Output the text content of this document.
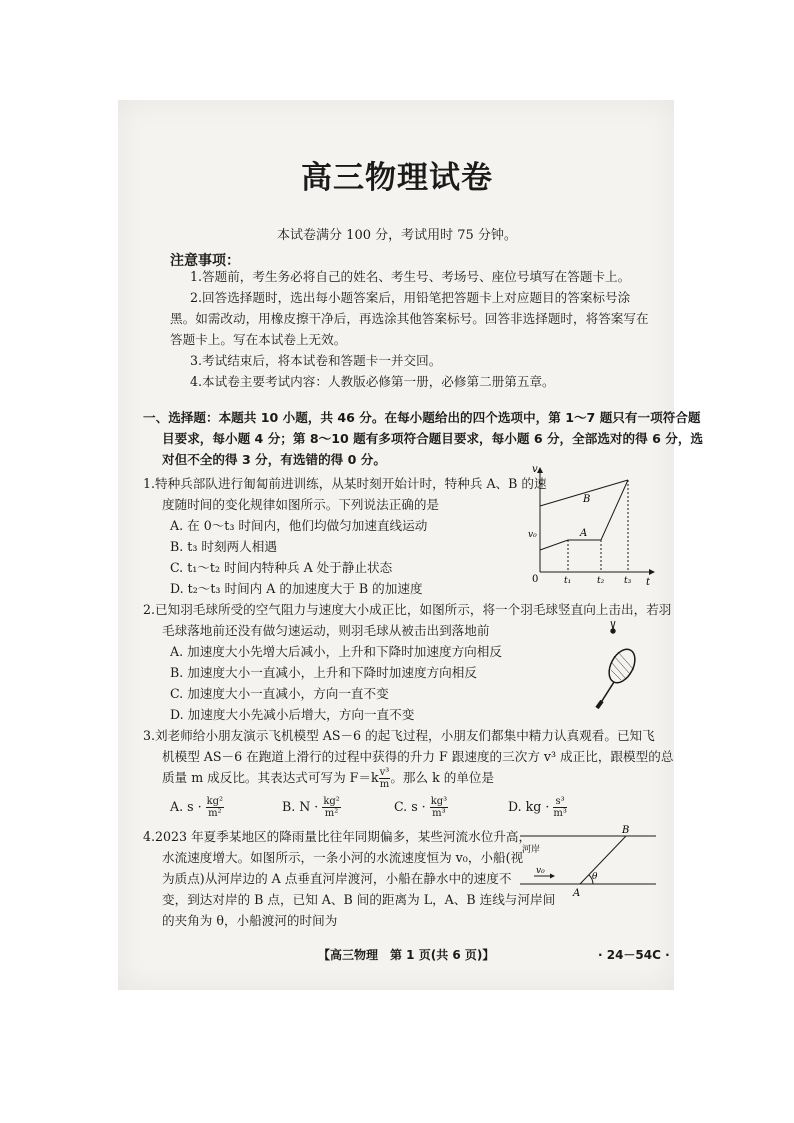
高三物理试卷
本试卷满分 100 分，考试用时 75 分钟。
注意事项：
1.答题前，考生务必将自己的姓名、考生号、考场号、座位号填写在答题卡上。
2.回答选择题时，选出每小题答案后，用铅笔把答题卡上对应题目的答案标号涂
黑。如需改动，用橡皮擦干净后，再选涂其他答案标号。回答非选择题时，将答案写在
答题卡上。写在本试卷上无效。
3.考试结束后，将本试卷和答题卡一并交回。
4.本试卷主要考试内容：人教版必修第一册，必修第二册第五章。
一、选择题：本题共 10 小题，共 46 分。在每小题给出的四个选项中，第 1～7 题只有一项符合题
目要求，每小题 4 分；第 8～10 题有多项符合题目要求，每小题 6 分，全部选对的得 6 分，选
对但不全的得 3 分，有选错的得 0 分。
1.特种兵部队进行匍匐前进训练，从某时刻开始计时，特种兵 A、B 的速
度随时间的变化规律如图所示。下列说法正确的是
A. 在 0～t₃ 时间内，他们均做匀加速直线运动
B. t₃ 时刻两人相遇
C. t₁～t₂ 时间内特种兵 A 处于静止状态
D. t₂～t₃ 时间内 A 的加速度大于 B 的加速度
v
t
0
v₀
t₁	t₂ t₃
A
B
2.已知羽毛球所受的空气阻力与速度大小成正比，如图所示，将一个羽毛球竖直向上击出，若羽
毛球落地前还没有做匀速运动，则羽毛球从被击出到落地前
A. 加速度大小先增大后减小，上升和下降时加速度方向相反
B. 加速度大小一直减小，上升和下降时加速度方向相反
C. 加速度大小一直减小，方向一直不变
D. 加速度大小先减小后增大，方向一直不变
3.刘老师给小朋友演示飞机模型 AS－6 的起飞过程，小朋友们都集中精力认真观看。已知飞
机模型 AS－6 在跑道上滑行的过程中获得的升力 F 跟速度的三次方 v³ 成正比，跟模型的总
质量 m 成反比。其表达式可写为 $F=k \frac{\text{v³}}{m}$ 。那么 k 的单位是
A. $s \cdot \frac{\text{kg²}}{\text{m²}}$	B. $N \cdot \frac{\text{kg²}}{\text{m²}}$	C. $s \cdot \frac{\text{kg³}}{\text{m³}}$	D. kg · $\frac{\text{s³}}{\text{m³}}$
4.2023 年夏季某地区的降雨量比往年同期偏多，某些河流水位升高，
水流速度增大。如图所示，一条小河的水流速度恒为 v₀，小船(视
为质点)从河岸边的 A 点垂直河岸渡河，小船在静水中的速度不
变，到达对岸的 B 点，已知 A、B 间的距离为 L，A、B 连线与河岸间
的夹角为 θ，小船渡河的时间为
河岸
B
A
v₀
θ
【高三物理　第 1 页(共 6 页)】	· 24－54C ·
